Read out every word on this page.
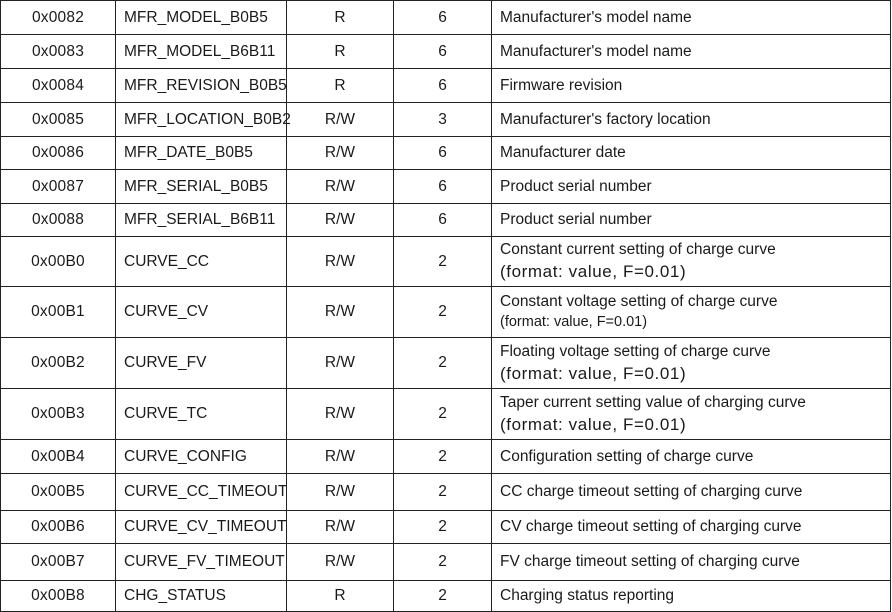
0x0082	MFR_MODEL_B0B5	R	6	Manufacturer's model name
0x0083	MFR_MODEL_B6B11	R	6	Manufacturer's model name
0x0084	MFR_REVISION_B0B5	R	6	Firmware revision
0x0085	MFR_LOCATION_B0B2	R/W	3	Manufacturer's factory location
0x0086	MFR_DATE_B0B5	R/W	6	Manufacturer date
0x0087	MFR_SERIAL_B0B5	R/W	6	Product serial number
0x0088	MFR_SERIAL_B6B11	R/W	6	Product serial number
0x00B0	CURVE_CC	R/W	2	Constant current setting of charge curve
(format: value, F=0.01)

0x00B1	CURVE_CV	R/W	2	Constant voltage setting of charge curve
(format: value, F=0.01)

0x00B2	CURVE_FV	R/W	2	Floating voltage setting of charge curve
(format: value, F=0.01)

0x00B3	CURVE_TC	R/W	2	Taper current setting value of charging curve
(format: value, F=0.01)

0x00B4	CURVE_CONFIG	R/W	2	Configuration setting of charge curve
0x00B5	CURVE_CC_TIMEOUT	R/W	2	CC charge timeout setting of charging curve
0x00B6	CURVE_CV_TIMEOUT	R/W	2	CV charge timeout setting of charging curve
0x00B7	CURVE_FV_TIMEOUT	R/W	2	FV charge timeout setting of charging curve
0x00B8	CHG_STATUS	R	2	Charging status reporting
